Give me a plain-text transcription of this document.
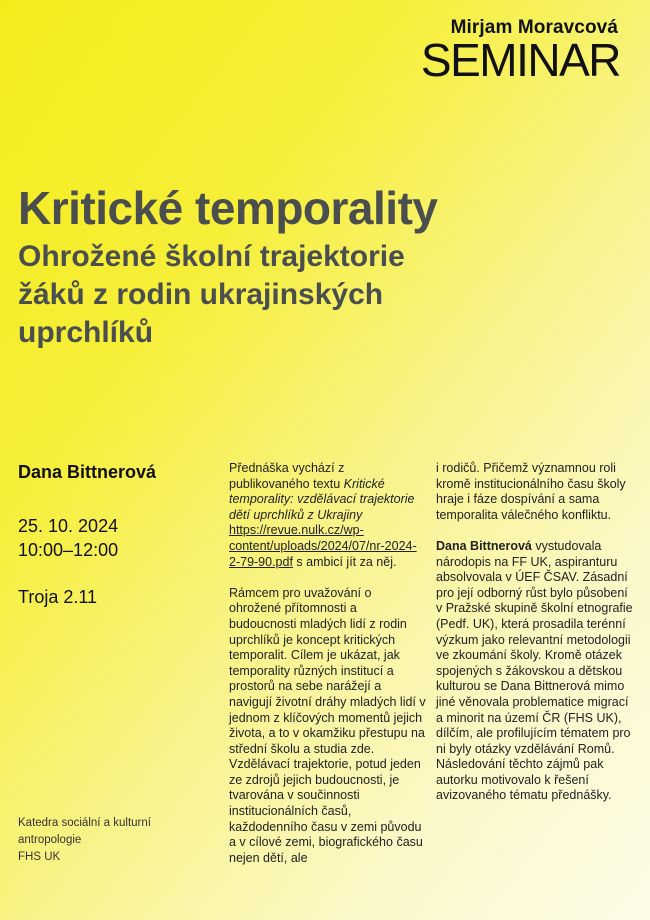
Mirjam Moravcová
SEMINAR
Kritické temporality

Ohrožené školní trajektorie
žáků z rodin ukrajinských
uprchlíků

Dana Bittnerová
25. 10. 2024
10:00–12:00
Troja 2.11
Katedra sociální a kulturní
antropologie
FHS UK

Přednáška vychází z publikovaného textu Kritické temporality: vzdělávací trajektorie dětí uprchlíků z Ukrajiny https://revue.nulk.cz/wp-content/uploads/2024/07/nr-2024-2-79-90.pdf s ambicí jít za něj.

Rámcem pro uvažování o ohrožené přítomnosti a budoucnosti mladých lidí z rodin uprchlíků je koncept kritických temporalit. Cílem je ukázat, jak temporality různých institucí a prostorů na sebe narážejí a navigují životní dráhy mladých lidí v jednom z klíčových momentů jejich života, a to v okamžiku přestupu na střední školu a studia zde. Vzdělávací trajektorie, potud jeden ze zdrojů jejich budoucnosti, je tvarována v součinnosti institucionálních časů, každodenního času v zemi původu a v cílové zemi, biografického času nejen dětí, ale

i rodičů. Přičemž významnou roli kromě institucionálního času školy hraje i fáze dospívání a sama temporalita válečného konfliktu.

Dana Bittnerová vystudovala národopis na FF UK, aspiranturu absolvovala v ÚEF ČSAV. Zásadní pro její odborný růst bylo působení v Pražské skupině školní etnografie (Pedf. UK), která prosadila terénní výzkum jako relevantní metodologii ve zkoumání školy. Kromě otázek spojených s žákovskou a dětskou kulturou se Dana Bittnerová mimo jiné věnovala problematice migrací a minorit na území ČR (FHS UK), dílčím, ale profilujícím tématem pro ni byly otázky vzdělávání Romů. Následování těchto zájmů pak autorku motivovalo k řešení avizovaného tématu přednášky.
